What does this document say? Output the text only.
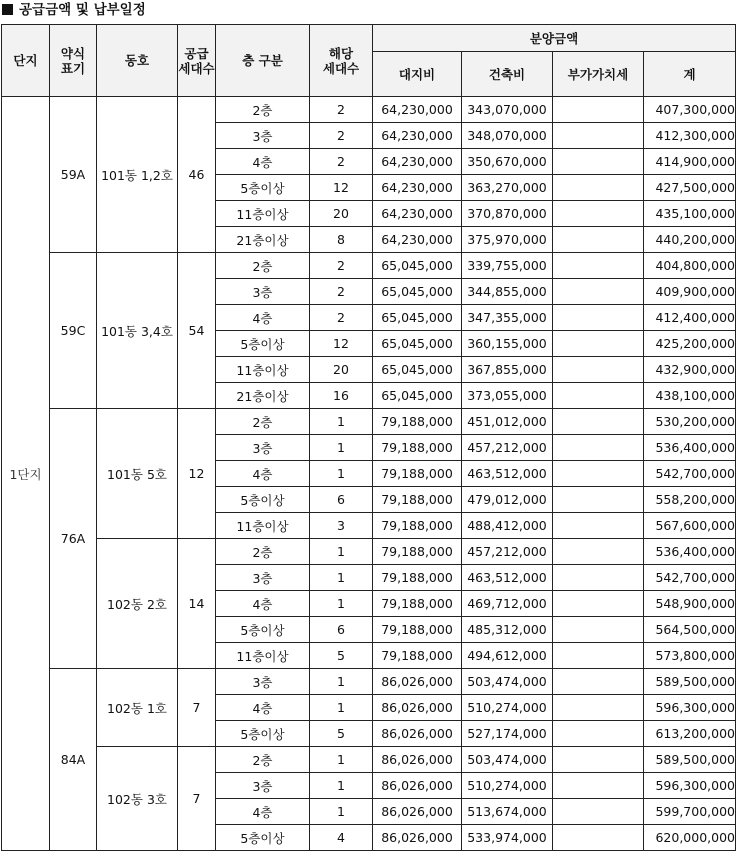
공급금액 및 납부일정
단지	약식
표기	동호	공급
세대수	층 구분	해당
세대수	분양금액			
						대지비	건축비	부가가치세	계
1단지	59A	101동 1,2호	46	2층	2	64,230,000	343,070,000		407,300,000
				3층	2	64,230,000	348,070,000		412,300,000
				4층	2	64,230,000	350,670,000		414,900,000
				5층이상	12	64,230,000	363,270,000		427,500,000
				11층이상	20	64,230,000	370,870,000		435,100,000
				21층이상	8	64,230,000	375,970,000		440,200,000
	59C	101동 3,4호	54	2층	2	65,045,000	339,755,000		404,800,000
				3층	2	65,045,000	344,855,000		409,900,000
				4층	2	65,045,000	347,355,000		412,400,000
				5층이상	12	65,045,000	360,155,000		425,200,000
				11층이상	20	65,045,000	367,855,000		432,900,000
				21층이상	16	65,045,000	373,055,000		438,100,000
	76A	101동 5호	12	2층	1	79,188,000	451,012,000		530,200,000
				3층	1	79,188,000	457,212,000		536,400,000
				4층	1	79,188,000	463,512,000		542,700,000
				5층이상	6	79,188,000	479,012,000		558,200,000
				11층이상	3	79,188,000	488,412,000		567,600,000
		102동 2호	14	2층	1	79,188,000	457,212,000		536,400,000
				3층	1	79,188,000	463,512,000		542,700,000
				4층	1	79,188,000	469,712,000		548,900,000
				5층이상	6	79,188,000	485,312,000		564,500,000
				11층이상	5	79,188,000	494,612,000		573,800,000
	84A	102동 1호	7	3층	1	86,026,000	503,474,000		589,500,000
				4층	1	86,026,000	510,274,000		596,300,000
				5층이상	5	86,026,000	527,174,000		613,200,000
		102동 3호	7	2층	1	86,026,000	503,474,000		589,500,000
				3층	1	86,026,000	510,274,000		596,300,000
				4층	1	86,026,000	513,674,000		599,700,000
				5층이상	4	86,026,000	533,974,000		620,000,000
